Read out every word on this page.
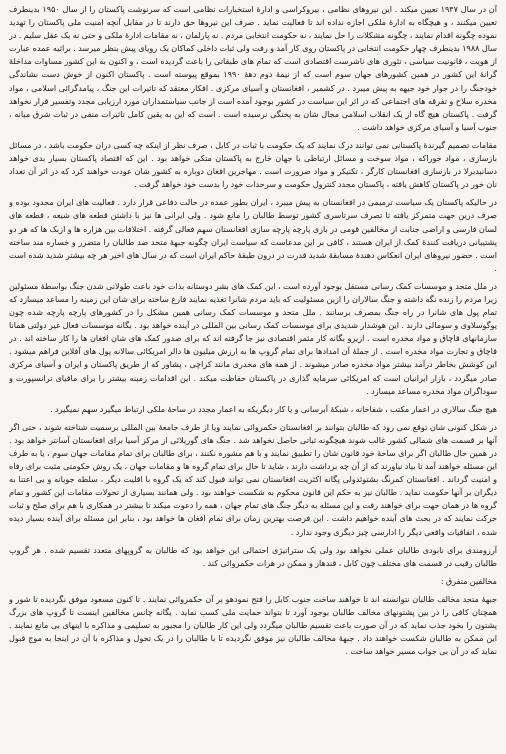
آن در سال ۱۹۴۷ تعیین میکند . این نیروهای نظامی ، بیروکراسی و ادارهٔ استخبارات نظامی است که سرنوشت پاکستان را از سال ۱۹۵۰ بدینطرف تعیین میکنند ، و هیچگاه به ادارهٔ ملکی اجازه نداده اند تا فعالیت نماید . صرف این نیروها حق دارند تا در مقابل آنچه امنیت ملی پاکستان را تهدید نموده چگونه اقدام نمایند ، چگونه مشکلات را حل نمایند ، نه حکومت انتخابی مردم . نه پارلمان ، نه مقامات ادارهٔ ملکی و حتی نه یک عقل سلیم . در سال ۱۹۸۸ بدینطرف چهار حکومت انتخابی در پاکستان روی کار آمد و رفت ولی ثبات داخلی کماکان یک رویای پیش بنظر میرسد . براثیه عمده عبارت از هویت ، قانونیت سیاسی ، تئوری های ناشرست اقتصادی است که تمام های طبقاتی را باعث گردیده است ، و اکنون به این کشور مساوات مداخلهٔ گرانهٔ این کشور در همین کشورهای جهان سوم است که از نیمهٔ دوم دههٔ ۱۹۹۰ بموقع پیوسته است . پاکستان اکنون از خوش دست نشاندگی خودجنگ را در جوار خود جیهه به پیش میبرد . در کشمیر ، افغانستان و آسیای مرکزی . افکار معتقد که تاثیرات این جنگ ، پیامدگرائی اسلامی ، مواد مخدره سلاح و تفرقه های اجتماعی که در اثر این سیاست در کشور بوجود آمده است از جانب سیاستمداران مورد ارزیابی مجدد وتفسیر قرار نخواهد گرفت . پاکستان هیچ گاه از یک انقلاب اسلامی مجال شان به پختگی نرسیده است . است که این به یقین کامل تاثیرات منفی در ثبات شرق میانه ، جنوب آسیا و آسیای مرکزی خواهد داشت .

مقامات تصمیم گیرندهٔ پاکستانی نمی توانند درک نمایند که یک حکومت با ثبات در کابل ، صرف نظر از اینکه چه کسی دران حکومت باشد ، در مسائل بازسازی ، مواد خوراکه ، مواد سوخت و مسائل ارتباطی با جهان خارج به پاکستان متکی خواهد بود . این که اقتصاد پاکستان بسیار بدی خواهد دسانیدبرلا در بازسازی افغانستان کارگر ، تکنیکر و مواد ضرورت است . مهاجرین افغان دوباره به کشور شان عودت خواهند کرد که در اثر آن تعداد نان خور در پاکستان کاهش یافته ، پاکستان مجدد کنترول حکومت و سرحدات خود را بدست خود خواهد گرفت .

در حالیکه پاکستان یک سیاست ترمیمی در افغانستان به پیش میبرد ، ایران بطور عمده در حالت دفاعی قرار دارد . فعالیت های ایران محدود بوده و صرف درین جهت متمرکز یافته تا تصرف سرتاسری کشور توسط طالبان را مانع شود . ولی ایرانی ها نیز با داشتن قطعه های شیعه ، قطعه های لسان فارسی و اراضی جنابت از مخالفین قومی در بازی پارچه پارچه سازی افغانستان سهم فعالی گرفته . اختلافات بین هزاره ها و ازبک ها که هر دو پشتیبانی دریافت کنندهٔ کمک از ایران هستند ، کافی بر این مدعاست که سیاست ایران چگونه جبههٔ متحد ضد طالبان را متضرر و خساره مند ساخته است . حضور نیروهای ایران انعکاس دهندهٔ مسابقهٔ شدید قدرت در درون طبقهٔ حاکم ایران است که در سال های اخیر هر چه بیشتر شدید شده است .

در ملل متحد و موسسات کمک رسانی مستقل بوجود آورده است ، این کمک های بشر دوستانه بذات خود باعث طولانی شدن جنگ بواسطهٔ مسئولین زیرا مردم را زنده نگه داشته و جنگ سالاران را ازین مسئولیت که باید مردم شانرا تغذیه نمایند فارغ ساخته برای شان این زمینه را مساعد میسازد که تمام پول های شانرا در راه جنگ بمصرف برسانند . ملل متحد و موسسات کمک رسانی همین مشکل را در کشورهای پارچه پارچه شده چون یوگوسلاوی و سومالی دارند . این هوشدار شدیدی برای موسسات کمک رسانی بین المللی در آینده خواهد بود . بگانه موسسات فعال غیر دولتی همانا سازمانهای قاچاق و مواد مخدره است . ازیرو بگانه کار مثمر اقتصادی نیز جا گرفته اند که برای صدور کمک های شان افغان ها را کار ساخته اند . در قاچاق و تجارت مواد مخدره است . از جملهٔ آن امدادها برای تمام گروپ ها به ارزش میلیون ها دالر امریکائی سالانه پول های آفلاین فراهم میشود . این کوشش بخاطر درآمد بیشتر مواد مخدره صادر میشوند . از همه های مخدری مانند کراچی ، پشاور که از طریق پاکستان و ایران و آسیای مرکزی صادر میگردد ، بازار ایرانیان است که امریکائی سرمایه گذاری در پاکستان حفاظت میکند . این اقدامات زمینه بیشتر را برای مافیای ترانسپورت و سوداگران مواد مخدره مساعد میسازد .

هیچ جنگ سالاری در اعمار مکتب ، شفاخانه ، شبکهٔ آبرسانی و یا کار دیگریکه به اعمار مجدد در ساحهٔ ملکی ارتباط میگیرد سهم نمیگیرد .

در شکل کنونی شان توقع نمی رود که طالبان بتوانند بر افغانستان حکمروائی نمایند ویا از طرف جامعهٔ بین المللی برسمیت شناخته شوند ، حتی اگر آنها بر قسمت های شمالی کشور غالب شوند هیچگونه ثباتی حاصل نخواهد شد . جنگ های گوریلائی از مرکز آسیا برای افغانستان آسانتر خواهد بود . در همین حال طالبان اگر برای ساحهٔ خود قانون شان را تطبیق نمایند و با هم مشوره نکنند ، برای طالبان برای تمام مقامات جهان سوم ، یا به طرف این مسئله خواهند آمد تا بیاد نیاورند که از آن چه برداشت دارند ، شاید تا حال برای تمام گروه ها و مقامات جهان ، یک روش حکومتی مثبت برای رفاه و امنیت گرداند . افغانستان کمرنگ بشتوئدولی پگانه اکثریت افغانستان نمی تواند قبول کند که یک گروه با اقلیت دیگر ، سلطه جویانه و بی اعتنا به دیگران بر آنها حکومت نماید . طالبان نیز به حکم این قانون محکوم به شکست خواهند بود . ولی همانند بسیاری از تحولات مقامات این کشور و تمام گروه ها در همان جهت برای خواهند رفت و این مسئله به دیگر جنگ های تمام جهان ، همه را دعوت میکند تا بیشتر در همکاری با هم برای صلح و ثبات حرکت نمایند که در بحث های آینده خواهیم داشت . این فرصت بهترین زمان برای تمام افغان ها خواهد بود ، بنابر این مسئله برای آینده بسیار دیده شده ، اتفاقیات واقعی دیگر را ادارسی چیز دیگری وجود ندارد .

آرزومندی برای نابودی طالبان عملی نخواهد بود ولی یک ستراتیژی احتمالی این خواهد بود که طالبان به گروپهای متعدد تقسیم شده . هر گروپ طالبان رقیب در قسمت های مختلف چون کابل ، قندهار و ممکن در هرات حکمروائی کند .

مخالفین متفرق :

جبههٔ متحد مخالف طالبان نتوانسته اند تا خواهند ساخت جنوب کابل را فتح نمودهو بر آن حکمروائی نمایند . تا کنون مسعود موفق نگردیده تا شور و همچنان کافی را در بین پشتونهای مخالف طالبان بوجود آورد تا بتواند حمایت ملی کسب نماید . یگانه چانس مخالفین اینست تا گروپ های بزرگ پشتون را بخود جذب نماید که در آن صورت باعث تقسیم طالبان میگردد ولی این کار طالبان را مجبور به تسلیمی و مذاکره با اینهای بی مانع نمایند . این ممکن به طالبان شکست خواهند داد . جبههٔ مخالف طالبان نیز موفق نگردیده تا با طالبان را در یک تحول و مذاکره با آن در اینجا به موج قبول نماید که در آن بی جواب مسیر خواهد ساخت .
